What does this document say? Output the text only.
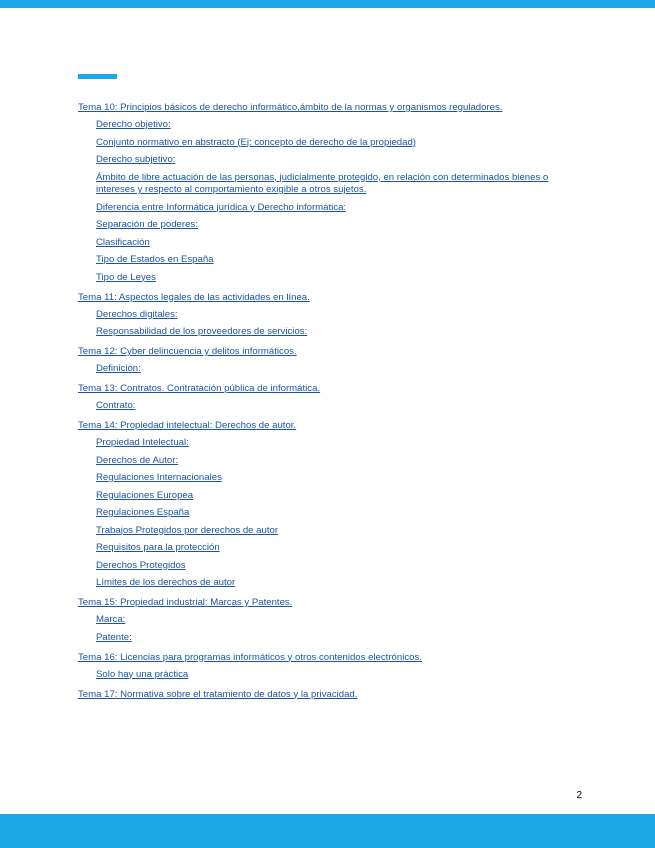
Tema 10: Principios básicos de derecho informático,ámbito de la normas y organismos reguladores.
Derecho objetivo:
Conjunto normativo en abstracto (Ej: concepto de derecho de la propiedad)
Derecho subjetivo:
Ámbito de libre actuación de las personas, judicialmente protegido, en relación con determinados bienes o intereses y respecto al comportamiento exigible a otros sujetos.
Diferencia entre Informática jurídica y Derecho informática:
Separación de poderes:
Clasificación
Tipo de Estados en España
Tipo de Leyes
Tema 11: Aspectos legales de las actividades en línea.
Derechos digitales:
Responsabilidad de los proveedores de servicios:
Tema 12: Cyber delincuencia y delitos informáticos.
Definición:
Tema 13: Contratos. Contratación pública de informática.
Contrato:
Tema 14: Propiedad intelectual: Derechos de autor.
Propiedad Intelectual:
Derechos de Autor:
Regulaciones Internacionales
Regulaciones Europea
Regulaciones España
Trabajos Protegidos por derechos de autor
Requisitos para la protección
Derechos Protegidos
Límites de los derechos de autor
Tema 15: Propiedad industrial: Marcas y Patentes.
Marca:
Patente:
Tema 16: Licencias para programas informáticos y otros contenidos electrónicos.
Solo hay una práctica
Tema 17: Normativa sobre el tratamiento de datos y la privacidad.
2
